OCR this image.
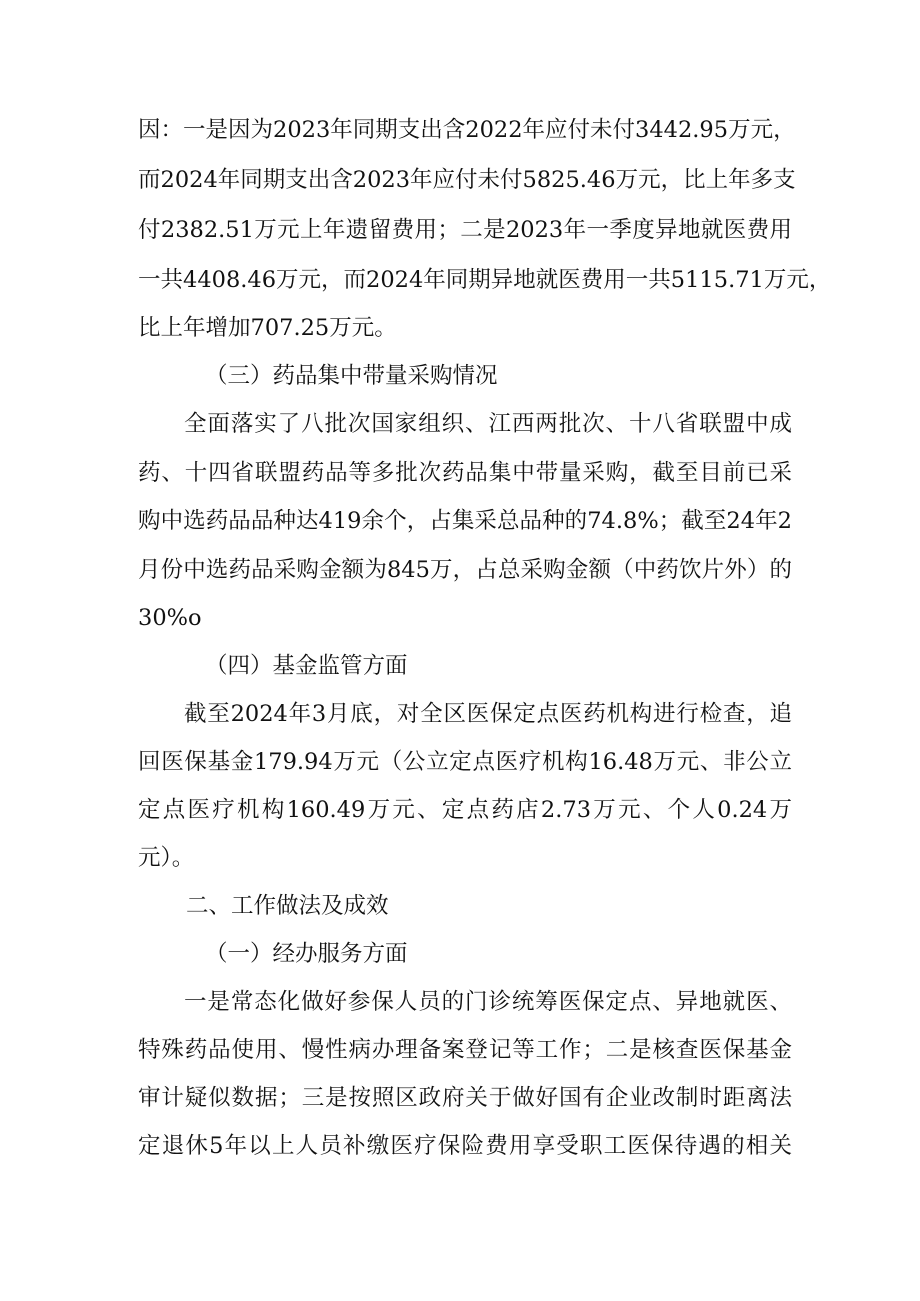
因：一是因为2023年同期支出含2022年应付未付3442.95万元，
而2024年同期支出含2023年应付未付5825.46万元，比上年多支
付2382.51万元上年遗留费用；二是2023年一季度异地就医费用
一共4408.46万元，而2024年同期异地就医费用一共5115.71万元，
比上年增加707.25万元。
（三）药品集中带量采购情况
全面落实了八批次国家组织、江西两批次、十八省联盟中成
药、十四省联盟药品等多批次药品集中带量采购，截至目前已采
购中选药品品种达419余个，占集采总品种的74.8%；截至24年2
月份中选药品采购金额为845万，占总采购金额（中药饮片外）的
30%o
（四）基金监管方面
截至2024年3月底，对全区医保定点医药机构进行检查，追
回医保基金179.94万元（公立定点医疗机构16.48万元、非公立
定点医疗机构160.49万元、定点药店2.73万元、个人0.24万
元）。
二、工作做法及成效
（一）经办服务方面
一是常态化做好参保人员的门诊统筹医保定点、异地就医、
特殊药品使用、慢性病办理备案登记等工作；二是核查医保基金
审计疑似数据；三是按照区政府关于做好国有企业改制时距离法
定退休5年以上人员补缴医疗保险费用享受职工医保待遇的相关
